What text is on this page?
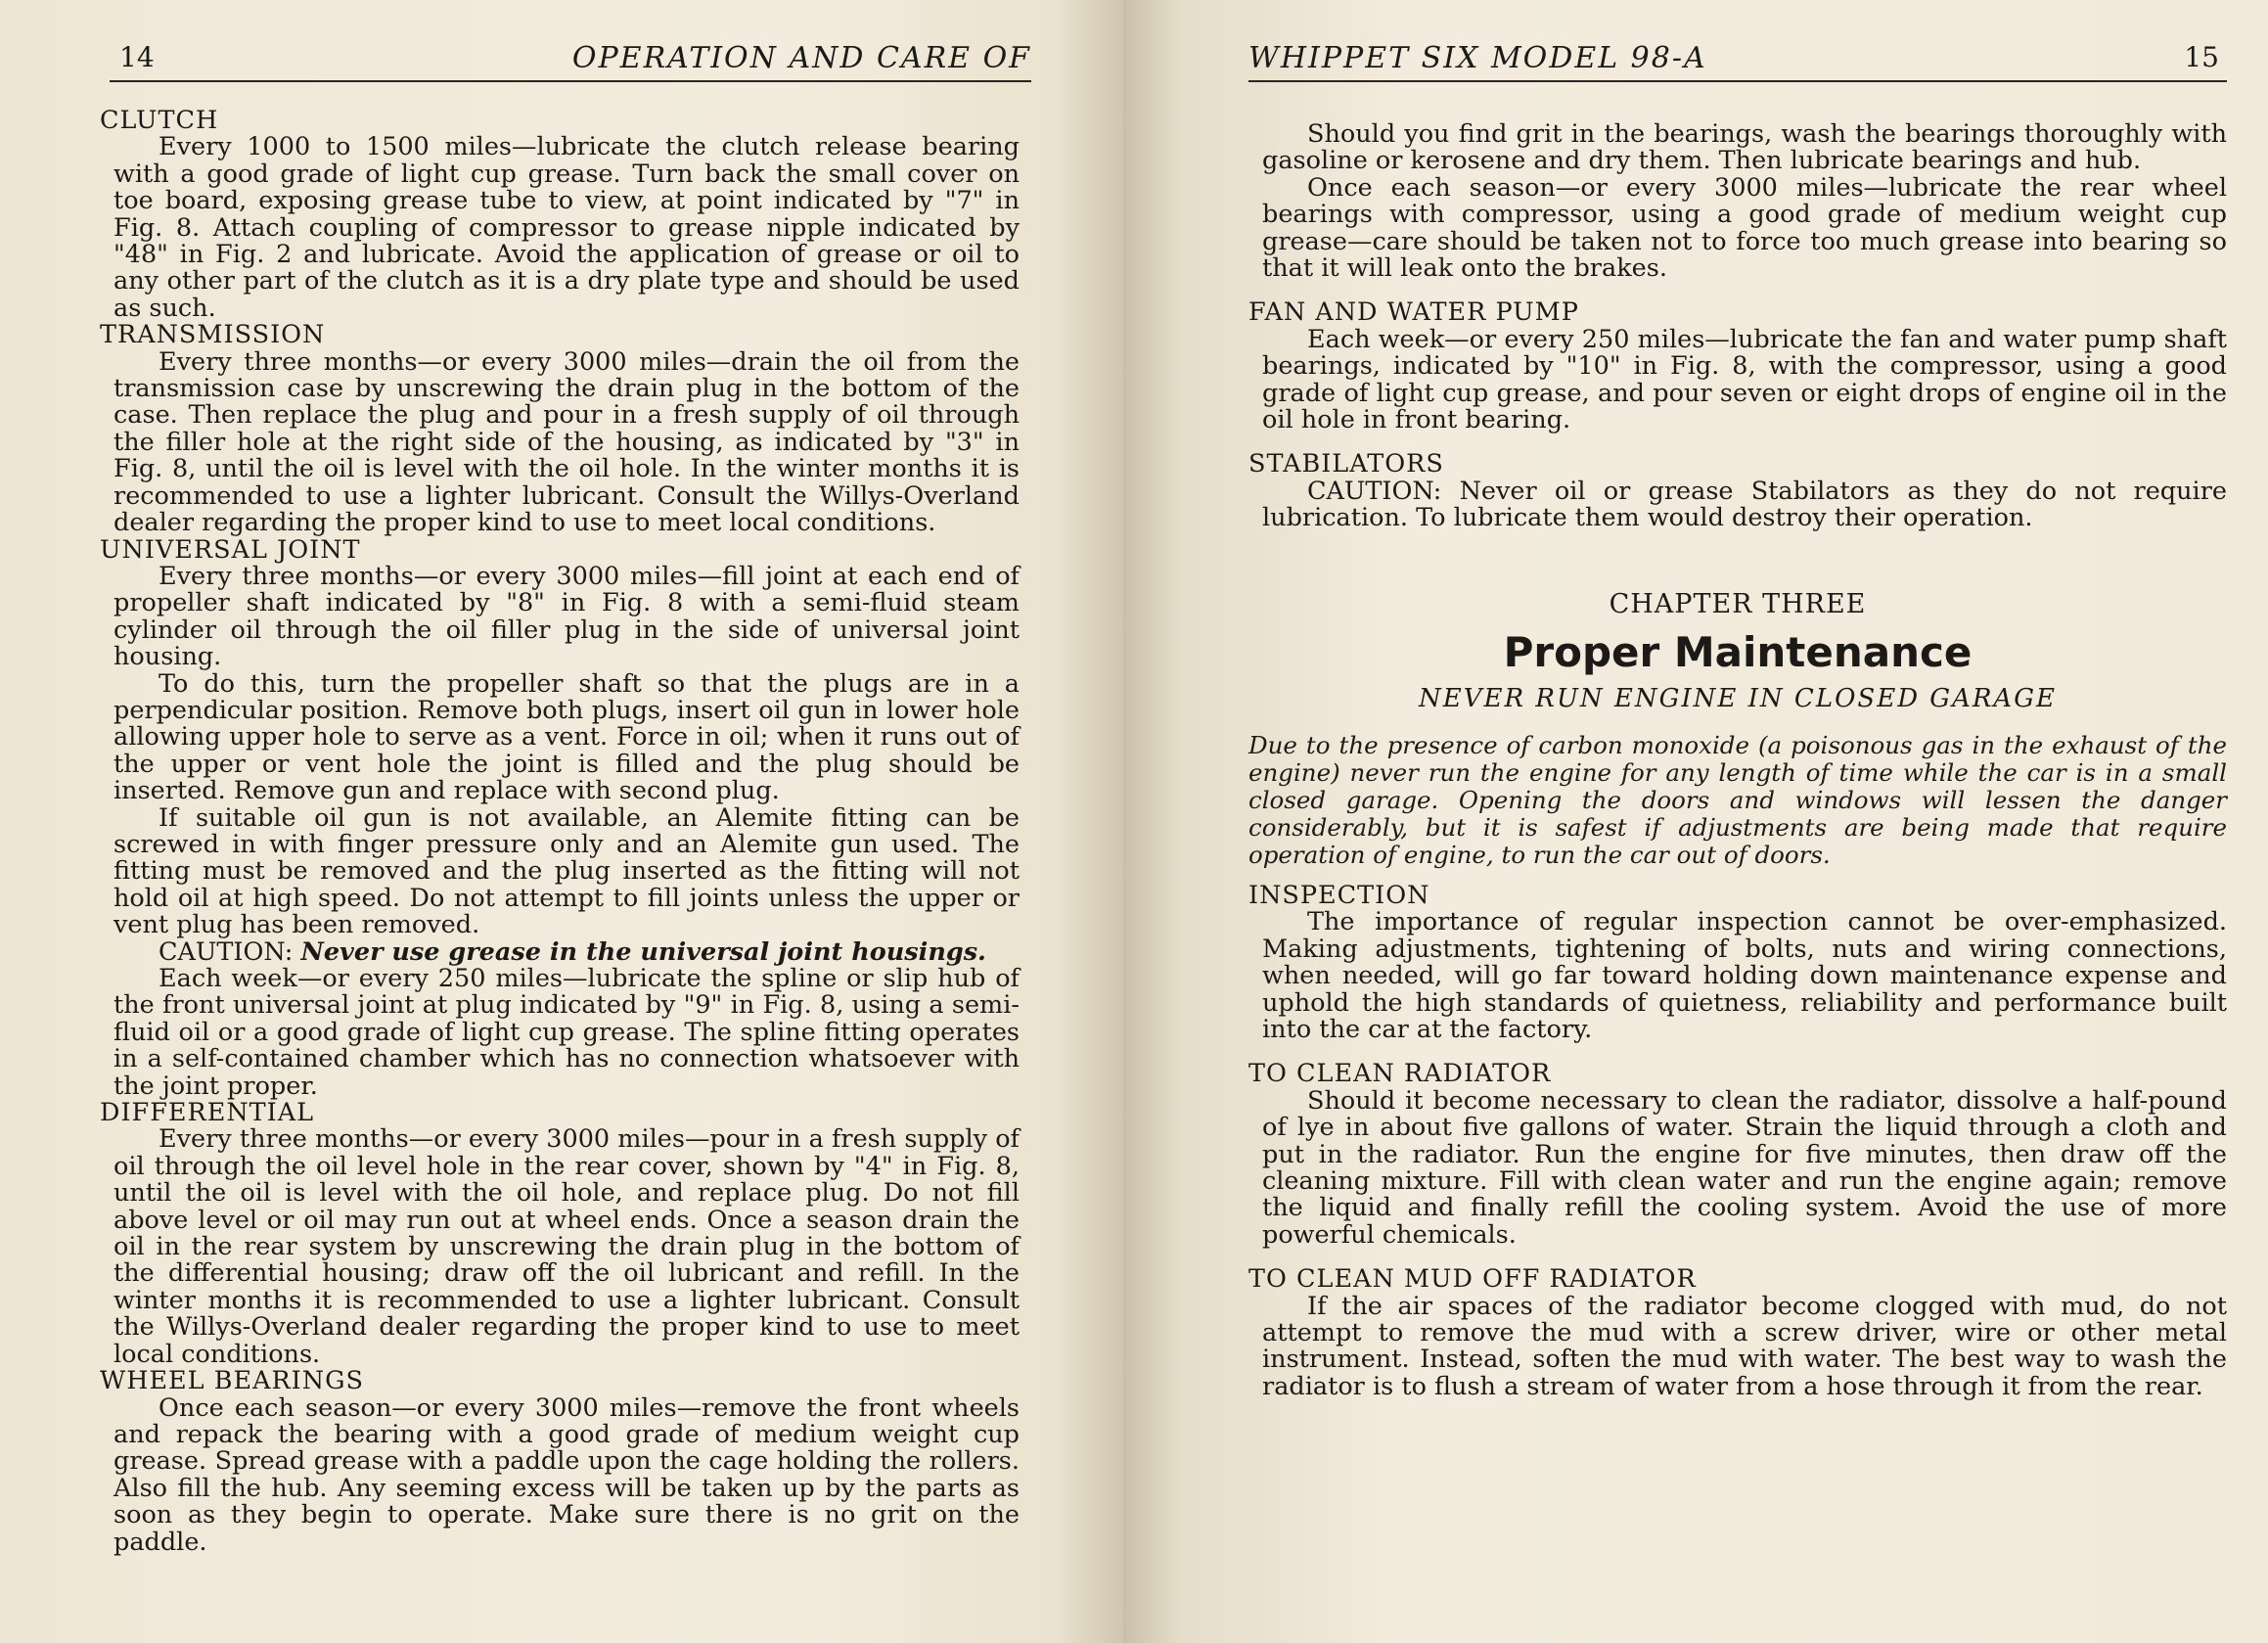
14	OPERATION AND CARE OF

CLUTCH

Every 1000 to 1500 miles—lubricate the clutch release bearing with a good grade of light cup grease. Turn back the small cover on toe board, exposing grease tube to view, at point indicated by "7" in Fig. 8. Attach coupling of compressor to grease nipple indicated by "48" in Fig. 2 and lubricate. Avoid the application of grease or oil to any other part of the clutch as it is a dry plate type and should be used as such.

TRANSMISSION

Every three months—or every 3000 miles—drain the oil from the transmission case by unscrewing the drain plug in the bottom of the case. Then replace the plug and pour in a fresh supply of oil through the filler hole at the right side of the housing, as indicated by "3" in Fig. 8, until the oil is level with the oil hole. In the winter months it is recommended to use a lighter lubricant. Consult the Willys-Overland dealer regarding the proper kind to use to meet local conditions.

UNIVERSAL JOINT

Every three months—or every 3000 miles—fill joint at each end of propeller shaft indicated by "8" in Fig. 8 with a semi-fluid steam cylinder oil through the oil filler plug in the side of universal joint housing.

To do this, turn the propeller shaft so that the plugs are in a perpendicular position. Remove both plugs, insert oil gun in lower hole allowing upper hole to serve as a vent. Force in oil; when it runs out of the upper or vent hole the joint is filled and the plug should be inserted. Remove gun and replace with second plug.

If suitable oil gun is not available, an Alemite fitting can be screwed in with finger pressure only and an Alemite gun used. The fitting must be removed and the plug inserted as the fitting will not hold oil at high speed. Do not attempt to fill joints unless the upper or vent plug has been removed.

CAUTION: Never use grease in the universal joint housings.

Each week—or every 250 miles—lubricate the spline or slip hub of the front universal joint at plug indicated by "9" in Fig. 8, using a semi-fluid oil or a good grade of light cup grease. The spline fitting operates in a self-contained chamber which has no connection whatsoever with the joint proper.

DIFFERENTIAL

Every three months—or every 3000 miles—pour in a fresh supply of oil through the oil level hole in the rear cover, shown by "4" in Fig. 8, until the oil is level with the oil hole, and replace plug. Do not fill above level or oil may run out at wheel ends. Once a season drain the oil in the rear system by unscrewing the drain plug in the bottom of the differential housing; draw off the oil lubricant and refill. In the winter months it is recommended to use a lighter lubricant. Consult the Willys-Overland dealer regarding the proper kind to use to meet local conditions.

WHEEL BEARINGS

Once each season—or every 3000 miles—remove the front wheels and repack the bearing with a good grade of medium weight cup grease. Spread grease with a paddle upon the cage holding the rollers. Also fill the hub. Any seeming excess will be taken up by the parts as soon as they begin to operate. Make sure there is no grit on the paddle.

WHIPPET SIX MODEL 98-A	15

Should you find grit in the bearings, wash the bearings thoroughly with gasoline or kerosene and dry them. Then lubricate bearings and hub.

Once each season—or every 3000 miles—lubricate the rear wheel bearings with compressor, using a good grade of medium weight cup grease—care should be taken not to force too much grease into bearing so that it will leak onto the brakes.

FAN AND WATER PUMP

Each week—or every 250 miles—lubricate the fan and water pump shaft bearings, indicated by "10" in Fig. 8, with the compressor, using a good grade of light cup grease, and pour seven or eight drops of engine oil in the oil hole in front bearing.

STABILATORS

CAUTION: Never oil or grease Stabilators as they do not require lubrication. To lubricate them would destroy their operation.

CHAPTER THREE

Proper Maintenance

NEVER RUN ENGINE IN CLOSED GARAGE

Due to the presence of carbon monoxide (a poisonous gas in the exhaust of the engine) never run the engine for any length of time while the car is in a small closed garage. Opening the doors and windows will lessen the danger considerably, but it is safest if adjustments are being made that require operation of engine, to run the car out of doors.

INSPECTION

The importance of regular inspection cannot be over-emphasized. Making adjustments, tightening of bolts, nuts and wiring connections, when needed, will go far toward holding down maintenance expense and uphold the high standards of quietness, reliability and performance built into the car at the factory.

TO CLEAN RADIATOR

Should it become necessary to clean the radiator, dissolve a half-pound of lye in about five gallons of water. Strain the liquid through a cloth and put in the radiator. Run the engine for five minutes, then draw off the cleaning mixture. Fill with clean water and run the engine again; remove the liquid and finally refill the cooling system. Avoid the use of more powerful chemicals.

TO CLEAN MUD OFF RADIATOR

If the air spaces of the radiator become clogged with mud, do not attempt to remove the mud with a screw driver, wire or other metal instrument. Instead, soften the mud with water. The best way to wash the radiator is to flush a stream of water from a hose through it from the rear.
